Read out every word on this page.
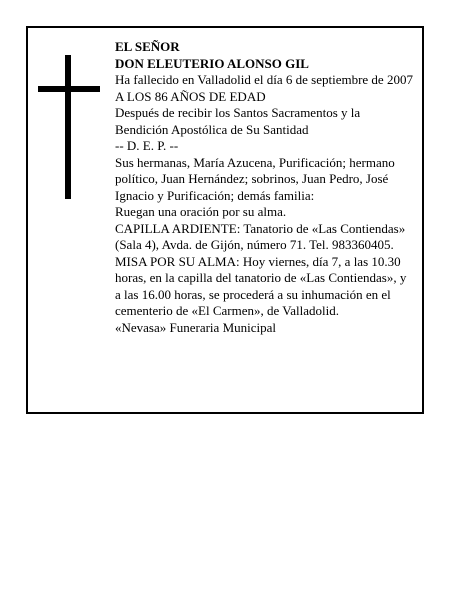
EL SEÑOR

DON ELEUTERIO ALONSO GIL

Ha fallecido en Valladolid el día 6 de septiembre de 2007

A LOS 86 AÑOS DE EDAD

Después de recibir los Santos Sacramentos y la Bendición Apostólica de Su Santidad

-- D. E. P. --

Sus hermanas, María Azucena, Purificación; hermano político, Juan Hernández; sobrinos, Juan Pedro, José Ignacio y Purificación; demás familia:

Ruegan una oración por su alma.

CAPILLA ARDIENTE: Tanatorio de «Las Contiendas» (Sala 4), Avda. de Gijón, número 71. Tel. 983360405.

MISA POR SU ALMA: Hoy viernes, día 7, a las 10.30 horas, en la capilla del tanatorio de «Las Contiendas», y a las 16.00 horas, se procederá a su inhumación en el cementerio de «El Carmen», de Valladolid.

«Nevasa» Funeraria Municipal
